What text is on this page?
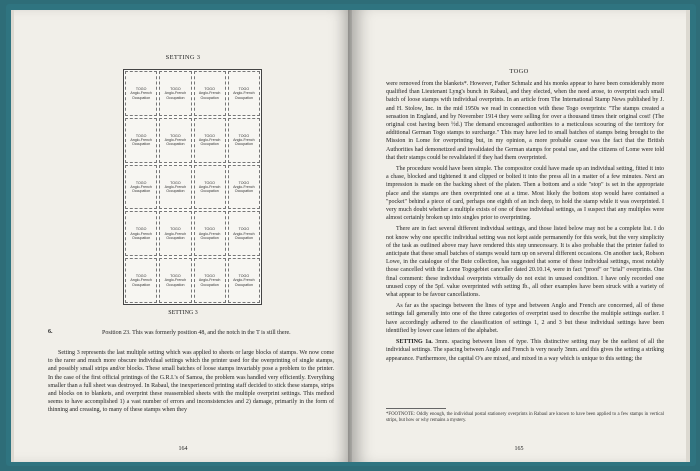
SETTING 3
TOGO
Anglo-French
Occupation
TOGO
Anglo-French
Occupation
TOGO
Anglo-French
Occupation
TOGO
Anglo-French
Occupation
TOGO
Anglo-French
Occupation
TOGO
Anglo-French
Occupation
TOGO
Anglo-French
Occupation
TOGO
Anglo-French
Occupation
TOGO
Anglo-French
Occupation
TOGO
Anglo-French
Occupation
TOGO
Anglo-French
Occupation
TOGO
Anglo-French
Occupation
TOGO
Anglo-French
Occupation
TOGO
Anglo-French
Occupation
TOGO
Anglo-French
Occupation
TOGO
Anglo-French
Occupation
TOGO
Anglo-French
Occupation
TOGO
Anglo-French
Occupation
TOGO
Anglo-French
Occupation
TOGO
Anglo-French
Occupation
SETTING 3
6.	Position 23. This was formerly position 48, and the notch in the T is still there.

Setting 3 represents the last multiple setting which was applied to sheets or large blocks of stamps. We now come to the rarer and much more obscure individual settings which the printer used for the overprinting of single stamps, and possibly small strips and/or blocks. These small batches of loose stamps invariably pose a problem to the printer. In the case of the first official printings of the G.R.I.'s of Samoa, the problem was handled very efficiently. Everything smaller than a full sheet was destroyed. In Rabaul, the inexperienced printing staff decided to stick these stamps, strips and blocks on to blankets, and overprint these reassembled sheets with the multiple overprint settings. This method seems to have accomplished 1) a vast number of errors and inconsistencies and 2) damage, primarily in the form of thinning and creasing, to many of these stamps when they

164
TOGO

were removed from the blankets*. However, Father Schmalz and his monks appear to have been considerably more qualified than Lieutenant Lyng's bunch in Rabaul, and they elected, when the need arose, to overprint each small batch of loose stamps with individual overprints. In an article from The International Stamp News published by J. and H. Stolow, Inc. in the mid 1950s we read in connection with these Togo overprints: "The stamps created a sensation in England, and by November 1914 they were selling for over a thousand times their original cost! (The original cost having been ½d.) The demand encouraged authorities to a meticulous scouring of the territory for additional German Togo stamps to surcharge." This may have led to small batches of stamps being brought to the Mission in Lome for overprinting but, in my opinion, a more probable cause was the fact that the British Authorities had demonetized and invalidated the German stamps for postal use, and the citizens of Lome were told that their stamps could be revalidated if they had them overprinted.

The procedure would have been simple. The compositor could have made up an individual setting, fitted it into a chase, blocked and tightened it and clipped or bolted it into the press all in a matter of a few minutes. Next an impression is made on the backing sheet of the platen. Then a bottom and a side "stop" is set in the appropriate place and the stamps are then overprinted one at a time. Most likely the bottom stop would have contained a "pocket" behind a piece of card, perhaps one eighth of an inch deep, to hold the stamp while it was overprinted. I very much doubt whether a multiple exists of one of these individual settings, as I suspect that any multiples were almost certainly broken up into singles prior to overprinting.

There are in fact several different individual settings, and those listed below may not be a complete list. I do not know why one specific individual setting was not kept aside permanently for this work, but the very simplicity of the task as outlined above may have rendered this step unnecessary. It is also probable that the printer failed to anticipate that these small batches of stamps would turn up on several different occasions. On another tack, Robson Lowe, in the catalogue of the Bute collection, has suggested that some of these individual settings, most notably those cancelled with the Lome Togogebiet canceller dated 20.10.14, were in fact "proof" or "trial" overprints. One final comment: these individual overprints virtually do not exist in unused condition. I have only recorded one unused copy of the 5pf. value overprinted with setting Ib., all other examples have been struck with a variety of what appear to be favour cancellations.

As far as the spacings between the lines of type and between Anglo and French are concerned, all of these settings fall generally into one of the three categories of overprint used to describe the multiple settings earlier. I have accordingly adhered to the classification of settings 1, 2 and 3 but these individual settings have been identified by lower case letters of the alphabet.

SETTING 1a. 3mm. spacing between lines of type. This distinctive setting may be the earliest of all the individual settings. The spacing between Anglo and French is very nearly 3mm. and this gives the setting a striking appearance. Furthermore, the capital O's are mixed, and mixed in a way which is unique to this setting; the

*FOOTNOTE: Oddly enough, the individual postal stationery overprints in Rabaul are known to have been applied to a few stamps in vertical strips, but how or why remains a mystery.
165
